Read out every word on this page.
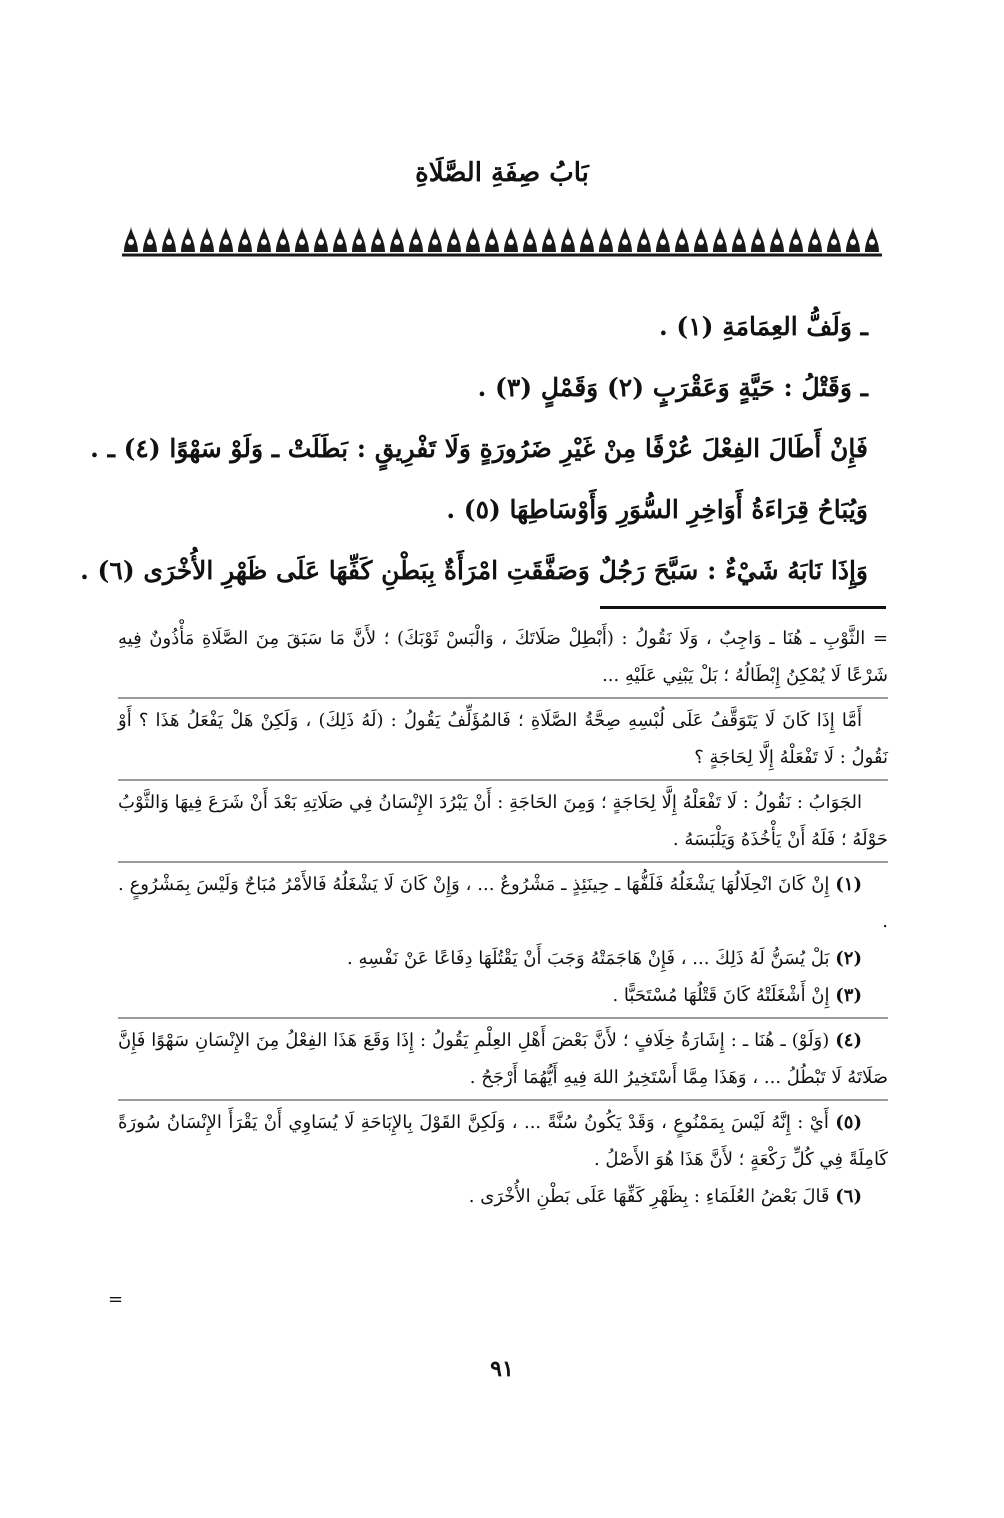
بَابُ صِفَةِ الصَّلَاةِ
ـ وَلَفُّ العِمَامَةِ (١) .
ـ وَقَتْلُ : حَيَّةٍ وَعَقْرَبٍ (٢) وَقَمْلٍ (٣) .
فَإِنْ أَطَالَ الفِعْلَ عُرْفًا مِنْ غَيْرِ ضَرُورَةٍ وَلَا تَفْرِيقٍ : بَطَلَتْ ـ وَلَوْ سَهْوًا (٤) ـ .
وَيُبَاحُ قِرَاءَةُ أَوَاخِرِ السُّوَرِ وَأَوْسَاطِهَا (٥) .
وَإِذَا نَابَهُ شَيْءٌ : سَبَّحَ رَجُلٌ وَصَفَّقَتِ امْرَأَةٌ بِبَطْنِ كَفِّهَا عَلَى ظَهْرِ الأُخْرَى (٦) .

= الثَّوْبِ ـ هُنَا ـ وَاجِبٌ ، وَلَا نَقُولُ : (أَبْطِلْ صَلَاتَكَ ، وَالْبَسْ ثَوْبَكَ) ؛ لأَنَّ مَا سَبَقَ مِنَ الصَّلَاةِ مَأْذُونٌ فِيهِ شَرْعًا لَا يُمْكِنُ إِبْطَالُهُ ؛ بَلْ يَبْنِي عَلَيْهِ ...

أَمَّا إِذَا كَانَ لَا يَتَوَقَّفُ عَلَى لُبْسِهِ صِحَّةُ الصَّلَاةِ ؛ فَالمُؤَلِّفُ يَقُولُ : (لَهُ ذَلِكَ) ، وَلَكِنْ هَلْ يَفْعَلُ هَذَا ؟ أَوْ نَقُولُ : لَا تَفْعَلْهُ إِلَّا لِحَاجَةٍ ؟

الجَوَابُ : نَقُولُ : لَا تَفْعَلْهُ إِلَّا لِحَاجَةٍ ؛ وَمِنَ الحَاجَةِ : أَنْ يَبْرُدَ الإِنْسَانُ فِي صَلَاتِهِ بَعْدَ أَنْ شَرَعَ فِيهَا وَالثَّوْبُ حَوْلَهُ ؛ فَلَهُ أَنْ يَأْخُذَهُ وَيَلْبَسَهُ .

(١) إِنْ كَانَ انْحِلَالُهَا يَشْغَلُهُ فَلَفُّهَا ـ حِينَئِذٍ ـ مَشْرُوعٌ ... ، وَإِنْ كَانَ لَا يَشْغَلُهُ فَالأَمْرُ مُبَاحٌ وَلَيْسَ بِمَشْرُوعٍ . .

(٢) بَلْ يُسَنُّ لَهُ ذَلِكَ ... ، فَإِنْ هَاجَمَتْهُ وَجَبَ أَنْ يَقْتُلَهَا دِفَاعًا عَنْ نَفْسِهِ .

(٣) إِنْ أَشْغَلَتْهُ كَانَ قَتْلُهَا مُسْتَحَبًّا .

(٤) (وَلَوْ) ـ هُنَا ـ : إِشَارَةُ خِلَافٍ ؛ لأَنَّ بَعْضَ أَهْلِ العِلْمِ يَقُولُ : إِذَا وَقَعَ هَذَا الفِعْلُ مِنَ الإِنْسَانِ سَهْوًا فَإِنَّ صَلَاتَهُ لَا تَبْطُلُ ... ، وَهَذَا مِمَّا أَسْتَخِيرُ اللهَ فِيهِ أَيُّهُمَا أَرْجَحُ .

(٥) أَيْ : إِنَّهُ لَيْسَ بِمَمْنُوعٍ ، وَقَدْ يَكُونُ سُنَّةً ... ، وَلَكِنَّ القَوْلَ بِالإِبَاحَةِ لَا يُسَاوِي أَنْ يَقْرَأَ الإِنْسَانُ سُورَةً كَامِلَةً فِي كُلِّ رَكْعَةٍ ؛ لأَنَّ هَذَا هُوَ الأَصْلُ .

(٦) قَالَ بَعْضُ العُلَمَاءِ : بِظَهْرِ كَفِّهَا عَلَى بَطْنِ الأُخْرَى .

=
٩١
